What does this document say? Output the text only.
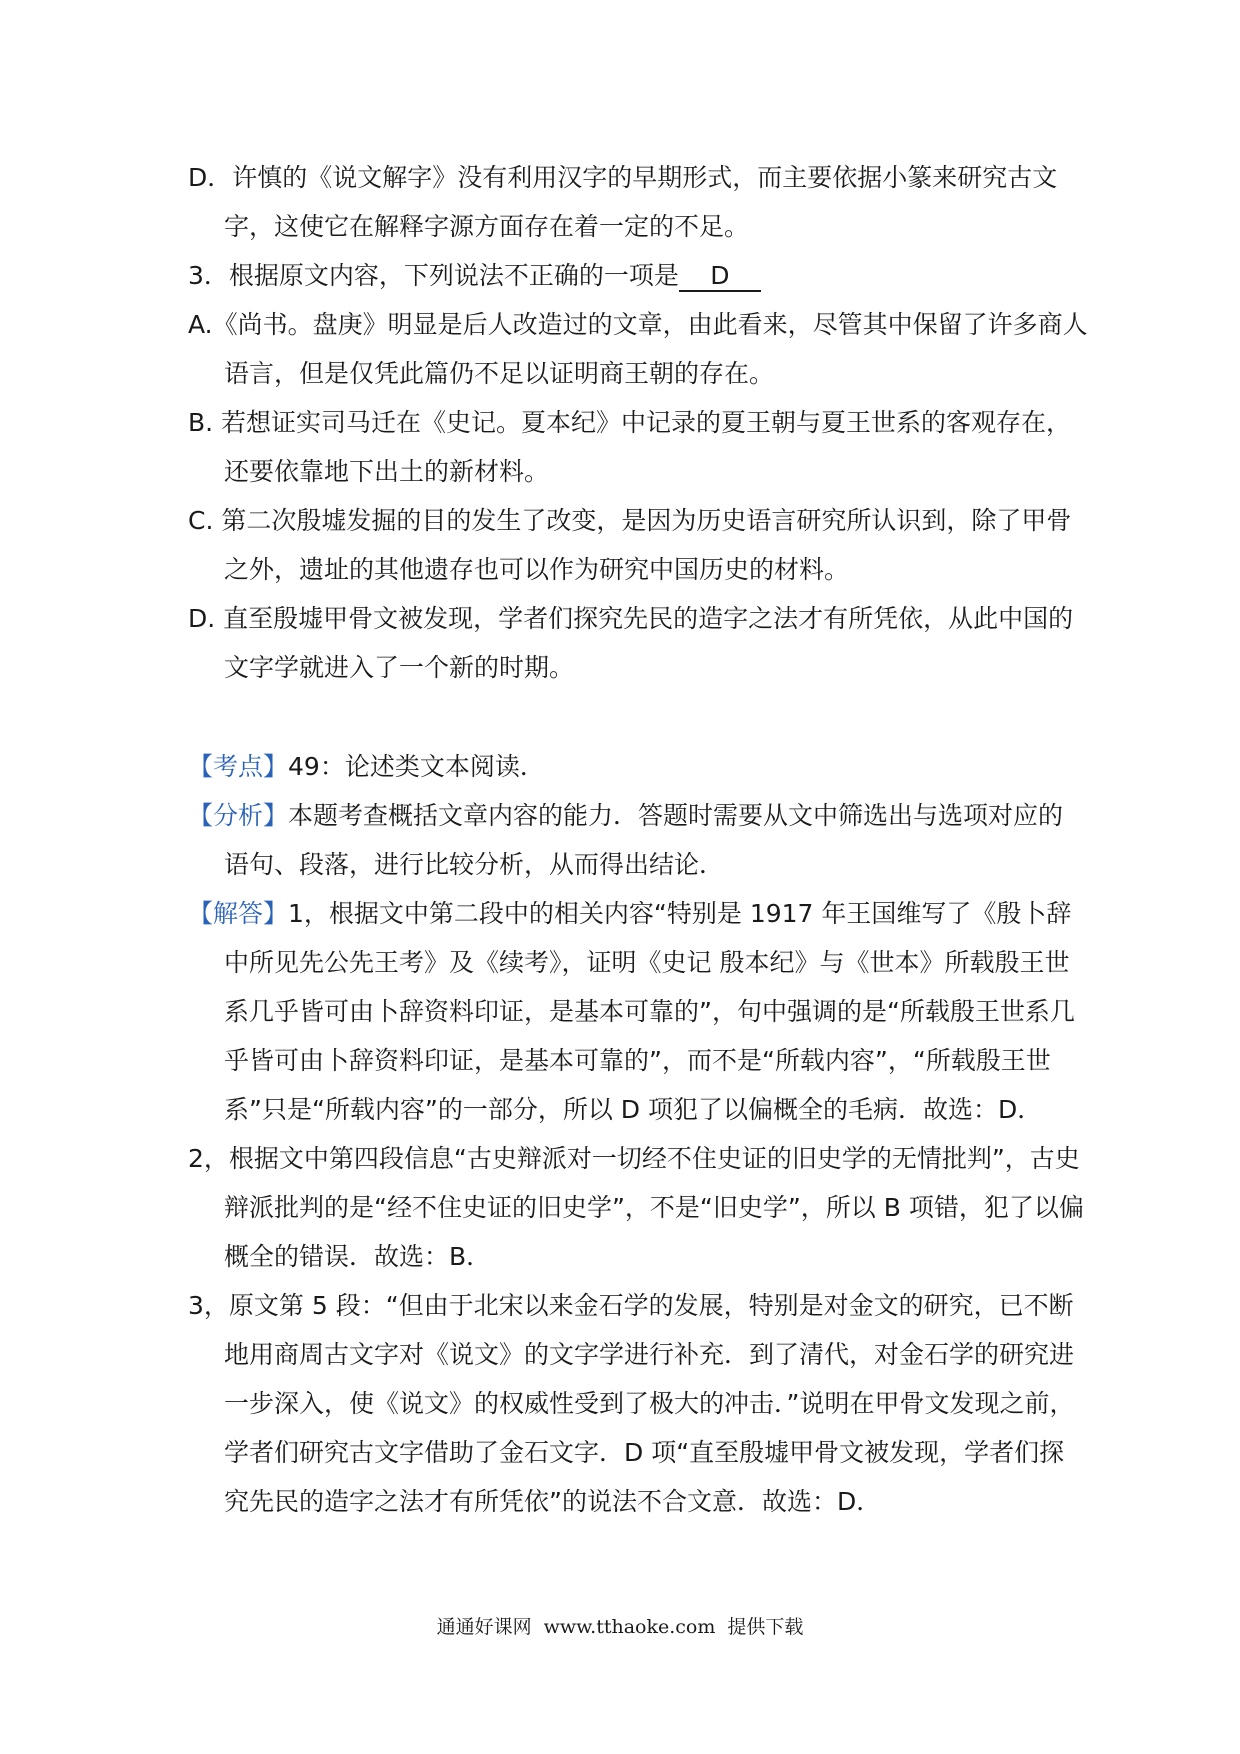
D．许慎的《说文解字》没有利用汉字的早期形式，而主要依据小篆来研究古文字，这使它在解释字源方面存在着一定的不足。

3．根据原文内容，下列说法不正确的一项是 D

A.《尚书。盘庚》明显是后人改造过的文章，由此看来，尽管其中保留了许多商人语言，但是仅凭此篇仍不足以证明商王朝的存在。

B. 若想证实司马迁在《史记。夏本纪》中记录的夏王朝与夏王世系的客观存在，还要依靠地下出土的新材料。

C. 第二次殷墟发掘的目的发生了改变，是因为历史语言研究所认识到，除了甲骨之外，遗址的其他遗存也可以作为研究中国历史的材料。

D. 直至殷墟甲骨文被发现，学者们探究先民的造字之法才有所凭依，从此中国的文字学就进入了一个新的时期。

【考点】49：论述类文本阅读．

【分析】本题考查概括文章内容的能力．答题时需要从文中筛选出与选项对应的语句、段落，进行比较分析，从而得出结论．

【解答】1，根据文中第二段中的相关内容“特别是 1917 年王国维写了《殷卜辞中所见先公先王考》及《续考》，证明《史记 殷本纪》与《世本》所载殷王世系几乎皆可由卜辞资料印证，是基本可靠的”，句中强调的是“所载殷王世系几乎皆可由卜辞资料印证，是基本可靠的”，而不是“所载内容”，“所载殷王世系”只是“所载内容”的一部分，所以 D 项犯了以偏概全的毛病．故选：D．

2，根据文中第四段信息“古史辩派对一切经不住史证的旧史学的无情批判”，古史辩派批判的是“经不住史证的旧史学”，不是“旧史学”，所以 B 项错，犯了以偏概全的错误．故选：B．

3，原文第 5 段：“但由于北宋以来金石学的发展，特别是对金文的研究，已不断地用商周古文字对《说文》的文字学进行补充．到了清代，对金石学的研究进一步深入，使《说文》的权威性受到了极大的冲击．”说明在甲骨文发现之前，学者们研究古文字借助了金石文字．D 项“直至殷墟甲骨文被发现，学者们探究先民的造字之法才有所凭依”的说法不合文意．故选：D．

通通好课网 www.tthaoke.com 提供下载
